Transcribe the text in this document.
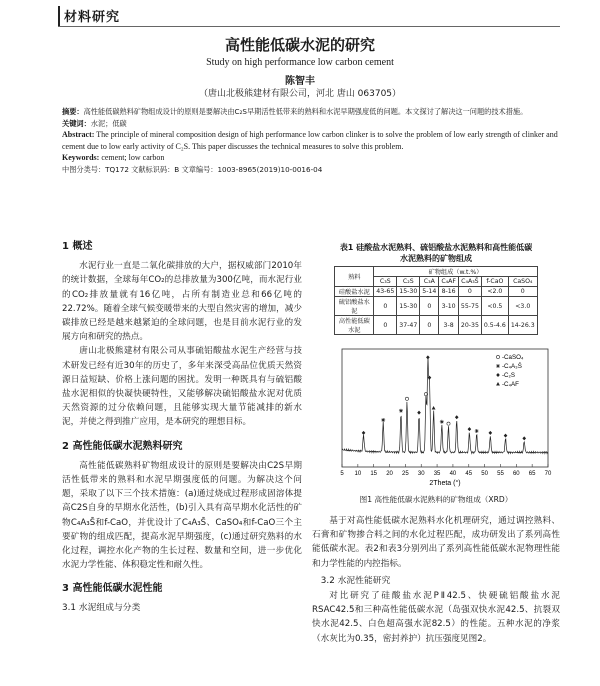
材料研究
高性能低碳水泥的研究
Study on high performance low carbon cement
陈智丰
（唐山北极熊建材有限公司，河北 唐山 063705）

摘要：高性能低碳熟料矿物组成设计的原则是要解决由C₂S早期活性低带来的熟料和水泥早期强度低的问题。本文探讨了解决这一问题的技术措施。

关键词：水泥；低碳

Abstract: The principle of mineral composition design of high performance low carbon clinker is to solve the problem of low early strength of clinker and cement due to low early activity of C₂S. This paper discusses the technical measures to solve this problem.

Keywords: cement; low carbon

中图分类号：TQ172 文献标识码：B 文章编号：1003-8965(2019)10-0016-04

1 概述

水泥行业一直是二氧化碳排放的大户，据权威部门2010年的统计数据，全球每年CO₂的总排放量为300亿吨，而水泥行业的CO₂排放量就有16亿吨，占所有制造业总和66亿吨的22.72%。随着全球气候变暖带来的大型自然灾害的增加，减少碳排放已经是越来越紧迫的全球问题，也是目前水泥行业的发展方向和研究的热点。

唐山北极熊建材有限公司从事硫铝酸盐水泥生产经营与技术研发已经有近30年的历史了，多年来深受高品位优质天然资源日益短缺、价格上涨问题的困扰。发明一种既具有与硫铝酸盐水泥相似的快凝快硬特性，又能够解决硫铝酸盐水泥对优质天然资源的过分依赖问题，且能够实现大量节能减排的新水泥，并使之得到推广应用，是本研究的理想目标。

2 高性能低碳水泥熟料研究

高性能低碳熟料矿物组成设计的原则是要解决由C2S早期活性低带来的熟料和水泥早期强度低的问题。为解决这个问题，采取了以下三个技术措施：(a)通过烧成过程形成固溶体提高C2S自身的早期水化活性，(b)引入具有高早期水化活性的矿物C₄A₃S̄和f-CaO，并优设计了C₄A₃S̄、CaSO₄和f-CaO三个主要矿物的组成匹配，提高水泥早期强度，(c)通过研究熟料的水化过程，调控水化产物的生长过程、数量和空间，进一步优化水泥力学性能、体积稳定性和耐久性。

3 高性能低碳水泥性能
3.1 水泥组成与分类
表1 硅酸盐水泥熟料、硫铝酸盐水泥熟料和高性能低碳
水泥熟料的矿物组成
熟料	矿物组成（w.t.%）						
	C₃S	C₂S	C₃A	C₄AF	C₄A₃S̄	f-CaO	CaSO₄
硅酸盐水泥	43-65	15-30	5-14	8-16	0	<2.0	0
硫铝酸盐水泥	0	15-30	0	3-10	55-75	<0.5	<3.0
高性能低碳水泥	0	37-47	0	3-8	20-35	0.5-4.6	14-26.3
5 10 15 20 25 30 35 40 45 50 55 60 65 70
-CaSO₄
-C₄A₃S̄
-C₂S
-C₄AF
2Theta (°)
图1 高性能低碳水泥熟料的矿物组成（XRD）

基于对高性能低碳水泥熟料水化机理研究，通过调控熟料、石膏和矿物掺合料之间的水化过程匹配，成功研发出了系列高性能低碳水泥。表2和表3分别列出了系列高性能低碳水泥物理性能和力学性能的内控指标。

3.2 水泥性能研究

对比研究了硅酸盐水泥PⅡ42.5、快硬硫铝酸盐水泥RSAC42.5和三种高性能低碳水泥（岛强双快水泥42.5、抗裂双快水泥42.5、白色超高强水泥82.5）的性能。五种水泥的净浆（水灰比为0.35，密封养护）抗压强度见图2。
